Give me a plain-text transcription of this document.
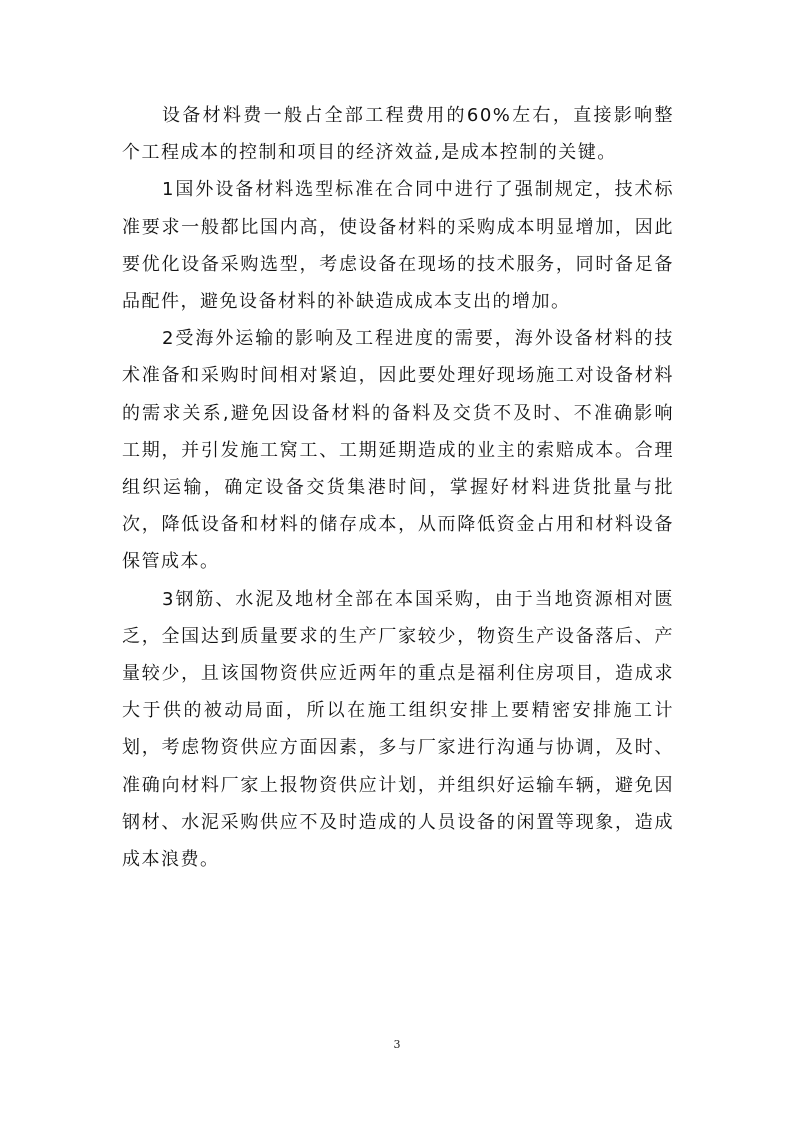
设备材料费一般占全部工程费用的60%左右，直接影响整个工程成本的控制和项目的经济效益,是成本控制的关键。

1国外设备材料选型标准在合同中进行了强制规定，技术标准要求一般都比国内高，使设备材料的采购成本明显增加，因此要优化设备采购选型，考虑设备在现场的技术服务，同时备足备品配件，避免设备材料的补缺造成成本支出的增加。

2受海外运输的影响及工程进度的需要，海外设备材料的技术准备和采购时间相对紧迫，因此要处理好现场施工对设备材料的需求关系,避免因设备材料的备料及交货不及时、不准确影响工期，并引发施工窝工、工期延期造成的业主的索赔成本。合理组织运输，确定设备交货集港时间，掌握好材料进货批量与批次，降低设备和材料的储存成本，从而降低资金占用和材料设备保管成本。

3钢筋、水泥及地材全部在本国采购，由于当地资源相对匮乏，全国达到质量要求的生产厂家较少，物资生产设备落后、产量较少，且该国物资供应近两年的重点是福利住房项目，造成求大于供的被动局面，所以在施工组织安排上要精密安排施工计划，考虑物资供应方面因素，多与厂家进行沟通与协调，及时、准确向材料厂家上报物资供应计划，并组织好运输车辆，避免因钢材、水泥采购供应不及时造成的人员设备的闲置等现象，造成成本浪费。

3
